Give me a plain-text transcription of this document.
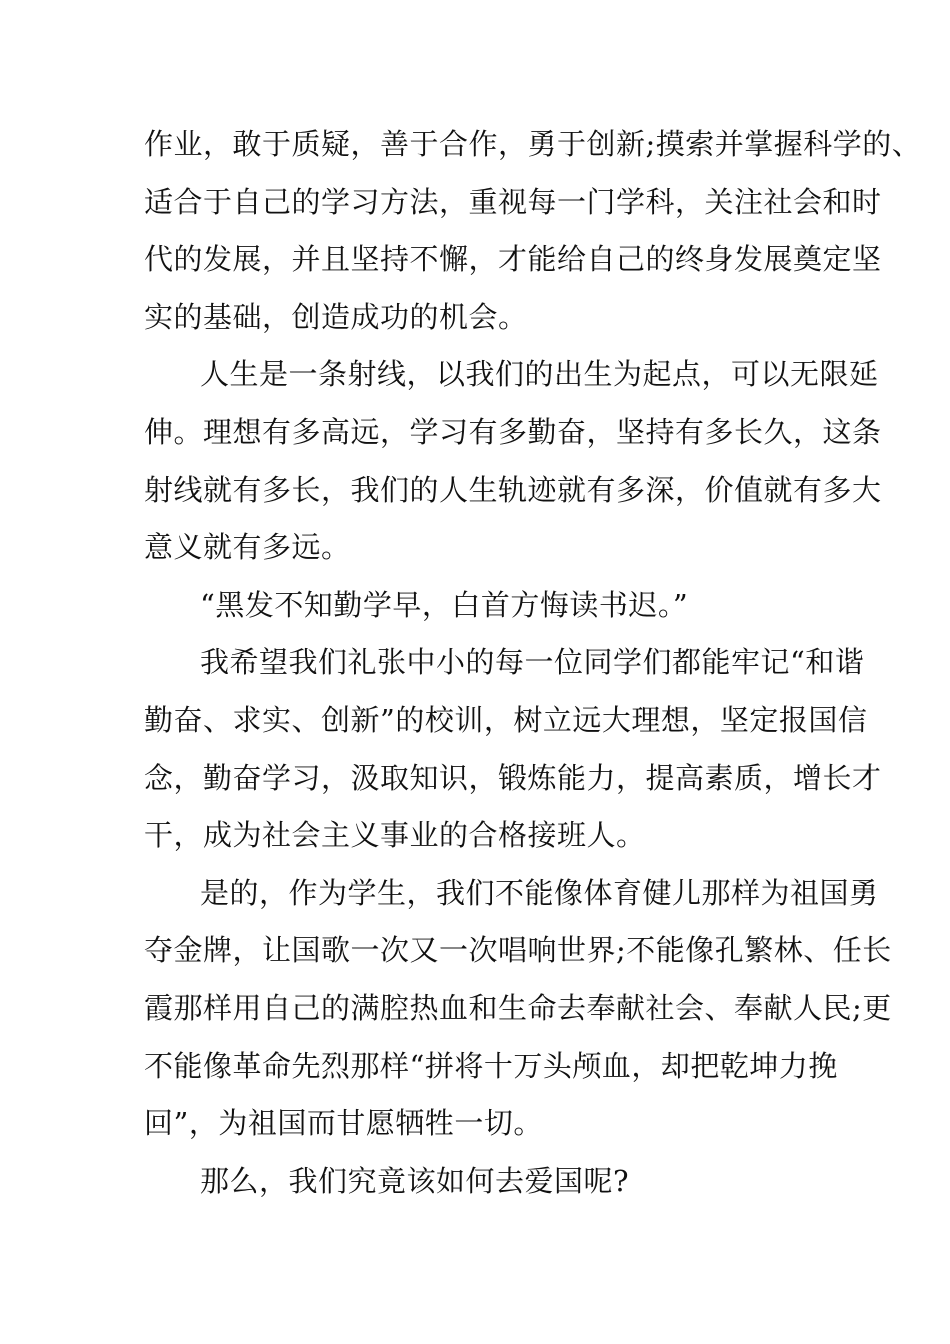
作业，敢于质疑，善于合作，勇于创新;摸索并掌握科学的、
适合于自己的学习方法，重视每一门学科，关注社会和时
代的发展，并且坚持不懈，才能给自己的终身发展奠定坚
实的基础，创造成功的机会。
人生是一条射线，以我们的出生为起点，可以无限延
伸。理想有多高远，学习有多勤奋，坚持有多长久，这条
射线就有多长，我们的人生轨迹就有多深，价值就有多大
意义就有多远。
“黑发不知勤学早，白首方悔读书迟。”
我希望我们礼张中小的每一位同学们都能牢记“和谐
勤奋、求实、创新”的校训，树立远大理想，坚定报国信
念，勤奋学习，汲取知识，锻炼能力，提高素质，增长才
干，成为社会主义事业的合格接班人。
是的，作为学生，我们不能像体育健儿那样为祖国勇
夺金牌，让国歌一次又一次唱响世界;不能像孔繁林、任长
霞那样用自己的满腔热血和生命去奉献社会、奉献人民;更
不能像革命先烈那样“拼将十万头颅血，却把乾坤力挽
回”，为祖国而甘愿牺牲一切。
那么，我们究竟该如何去爱国呢?
